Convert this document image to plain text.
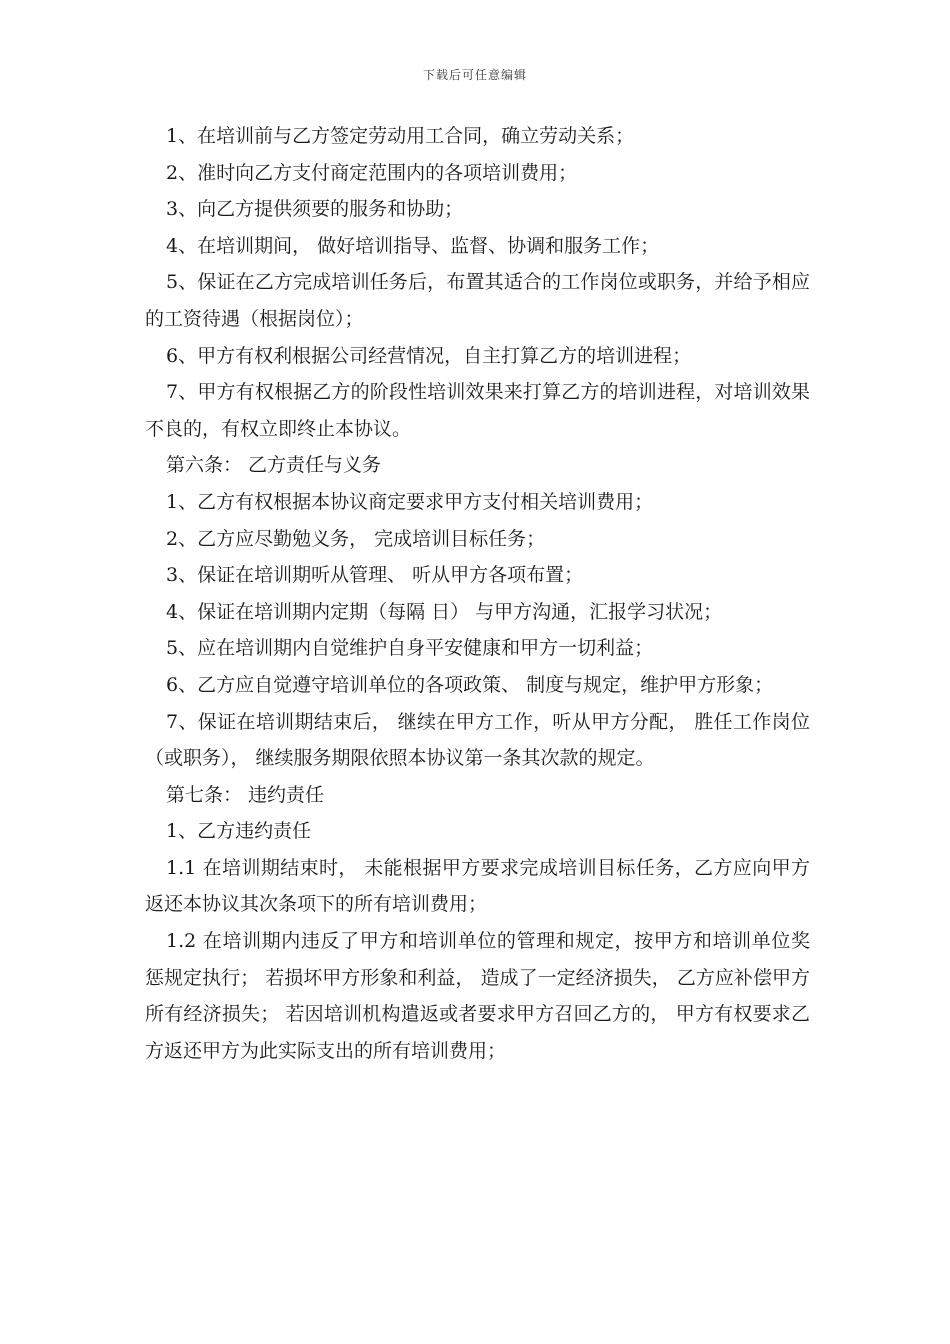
下载后可任意编辑

1、在培训前与乙方签定劳动用工合同，确立劳动关系；

2、准时向乙方支付商定范围内的各项培训费用；

3、向乙方提供须要的服务和协助；

4、在培训期间， 做好培训指导、监督、协调和服务工作；

5、保证在乙方完成培训任务后，布置其适合的工作岗位或职务，并给予相应的工资待遇（根据岗位）；

6、甲方有权利根据公司经营情况，自主打算乙方的培训进程；

7、甲方有权根据乙方的阶段性培训效果来打算乙方的培训进程，对培训效果不良的，有权立即终止本协议。

第六条： 乙方责任与义务

1、乙方有权根据本协议商定要求甲方支付相关培训费用；

2、乙方应尽勤勉义务， 完成培训目标任务；

3、保证在培训期听从管理、 听从甲方各项布置；

4、保证在培训期内定期（每隔 日） 与甲方沟通，汇报学习状况；

5、应在培训期内自觉维护自身平安健康和甲方一切利益；

6、乙方应自觉遵守培训单位的各项政策、 制度与规定，维护甲方形象；

7、保证在培训期结束后， 继续在甲方工作，听从甲方分配， 胜任工作岗位（或职务）， 继续服务期限依照本协议第一条其次款的规定。

第七条： 违约责任

1、乙方违约责任

1.1 在培训期结束时， 未能根据甲方要求完成培训目标任务，乙方应向甲方返还本协议其次条项下的所有培训费用；

1.2 在培训期内违反了甲方和培训单位的管理和规定，按甲方和培训单位奖惩规定执行； 若损坏甲方形象和利益， 造成了一定经济损失， 乙方应补偿甲方所有经济损失； 若因培训机构遣返或者要求甲方召回乙方的， 甲方有权要求乙方返还甲方为此实际支出的所有培训费用；
